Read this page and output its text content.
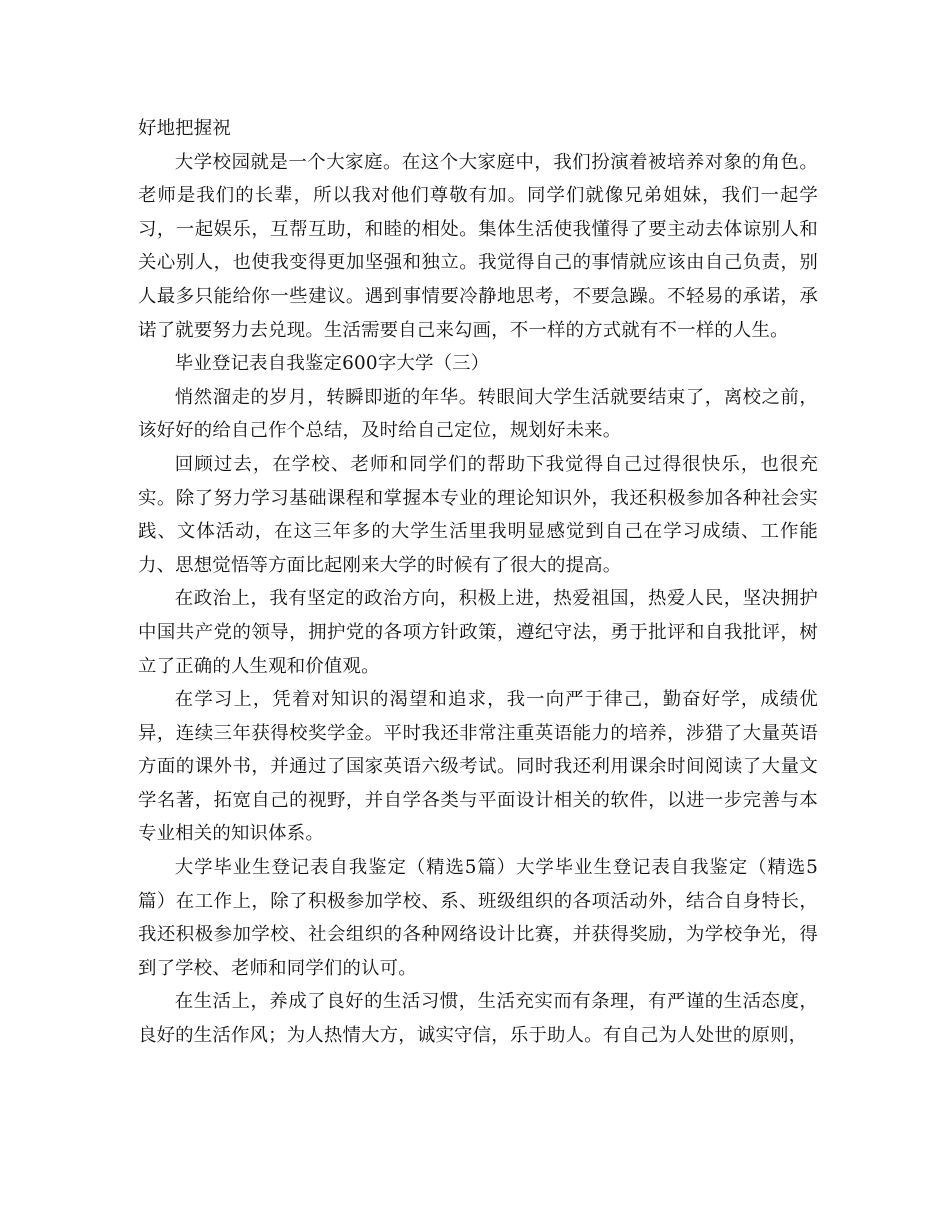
好地把握祝

大学校园就是一个大家庭。在这个大家庭中，我们扮演着被培养对象的角色。老师是我们的长辈，所以我对他们尊敬有加。同学们就像兄弟姐妹，我们一起学习，一起娱乐，互帮互助，和睦的相处。集体生活使我懂得了要主动去体谅别人和关心别人，也使我变得更加坚强和独立。我觉得自己的事情就应该由自己负责，别人最多只能给你一些建议。遇到事情要冷静地思考，不要急躁。不轻易的承诺，承诺了就要努力去兑现。生活需要自己来勾画，不一样的方式就有不一样的人生。

毕业登记表自我鉴定600字大学（三）

悄然溜走的岁月，转瞬即逝的年华。转眼间大学生活就要结束了，离校之前，该好好的给自己作个总结，及时给自己定位，规划好未来。

回顾过去，在学校、老师和同学们的帮助下我觉得自己过得很快乐，也很充实。除了努力学习基础课程和掌握本专业的理论知识外，我还积极参加各种社会实践、文体活动，在这三年多的大学生活里我明显感觉到自己在学习成绩、工作能力、思想觉悟等方面比起刚来大学的时候有了很大的提高。

在政治上，我有坚定的政治方向，积极上进，热爱祖国，热爱人民，坚决拥护中国共产党的领导，拥护党的各项方针政策，遵纪守法，勇于批评和自我批评，树立了正确的人生观和价值观。

在学习上，凭着对知识的渴望和追求，我一向严于律己，勤奋好学，成绩优异，连续三年获得校奖学金。平时我还非常注重英语能力的培养，涉猎了大量英语方面的课外书，并通过了国家英语六级考试。同时我还利用课余时间阅读了大量文学名著，拓宽自己的视野，并自学各类与平面设计相关的软件，以进一步完善与本专业相关的知识体系。

大学毕业生登记表自我鉴定（精选5篇）大学毕业生登记表自我鉴定（精选5篇）在工作上，除了积极参加学校、系、班级组织的各项活动外，结合自身特长，我还积极参加学校、社会组织的各种网络设计比赛，并获得奖励，为学校争光，得到了学校、老师和同学们的认可。

在生活上，养成了良好的生活习惯，生活充实而有条理，有严谨的生活态度，良好的生活作风；为人热情大方，诚实守信，乐于助人。有自己为人处世的原则，
